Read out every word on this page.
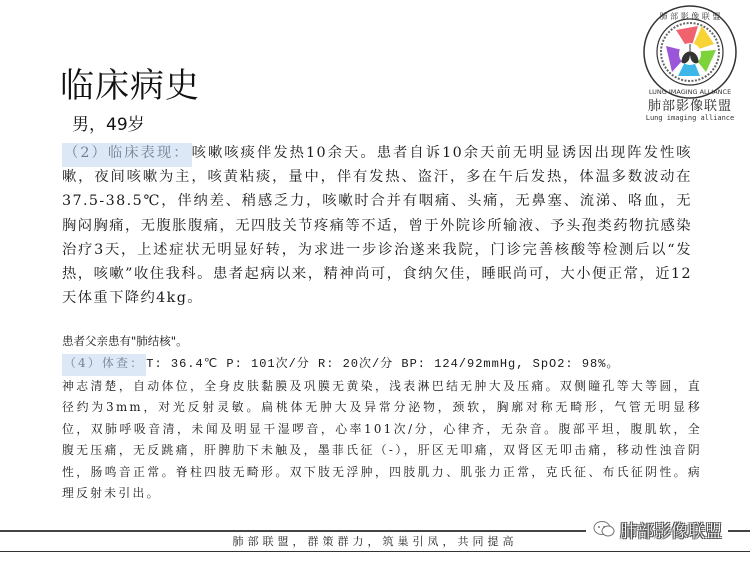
临床病史
男，49岁
肺 部 影 像 联 盟
LUNG IMAGING ALLIANCE
肺部影像联盟
Lung imaging alliance
（2）临床表现： 咳嗽咳痰伴发热10余天。患者自诉10余天前无明显诱因出现阵发性咳嗽，夜间咳嗽为主，咳黄粘痰，量中，伴有发热、盗汗，多在午后发热，体温多数波动在37.5-38.5℃，伴纳差、稍感乏力，咳嗽时合并有咽痛、头痛，无鼻塞、流涕、咯血，无胸闷胸痛，无腹胀腹痛，无四肢关节疼痛等不适，曾于外院诊所输液、予头孢类药物抗感染治疗3天，上述症状无明显好转，为求进一步诊治遂来我院，门诊完善核酸等检测后以“发热，咳嗽”收住我科。患者起病以来，精神尚可，食纳欠佳，睡眠尚可，大小便正常，近12天体重下降约4kg。
患者父亲患有"肺结核"。
（4）体查： T: 36.4℃ P: 101次/分 R: 20次/分 BP: 124/92mmHg, SpO2: 98%。
神志清楚，自动体位，全身皮肤黏膜及巩膜无黄染，浅表淋巴结无肿大及压痛。双侧瞳孔等大等圆，直径约为3mm，对光反射灵敏。扁桃体无肿大及异常分泌物，颈软，胸廓对称无畸形，气管无明显移位，双肺呼吸音清，未闻及明显干湿啰音，心率101次/分，心律齐，无杂音。腹部平坦，腹肌软，全腹无压痛，无反跳痛，肝脾肋下未触及，墨菲氏征（-），肝区无叩痛，双肾区无叩击痛，移动性浊音阴性，肠鸣音正常。脊柱四肢无畸形。双下肢无浮肿，四肢肌力、肌张力正常，克氏征、布氏征阴性。病理反射未引出。
肺部联盟，群策群力，筑巢引凤，共同提高	肺部影像联盟
